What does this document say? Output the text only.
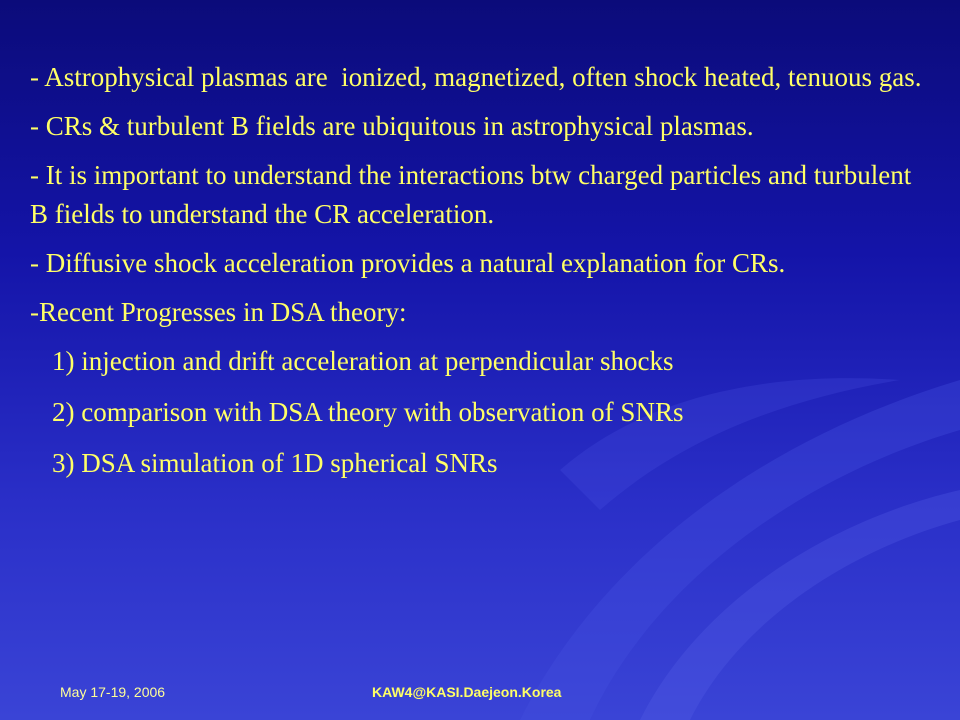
- Astrophysical plasmas are  ionized, magnetized, often shock heated, tenuous gas.

- CRs & turbulent B fields are ubiquitous in astrophysical plasmas.

- It is important to understand the interactions btw charged particles and turbulent B fields to understand the CR acceleration.

- Diffusive shock acceleration provides a natural explanation for CRs.

-Recent Progresses in DSA theory:

1) injection and drift acceleration at perpendicular shocks

2) comparison with DSA theory with observation of SNRs

3) DSA simulation of 1D spherical SNRs

May 17-19, 2006	KAW4@KASI.Daejeon.Korea
